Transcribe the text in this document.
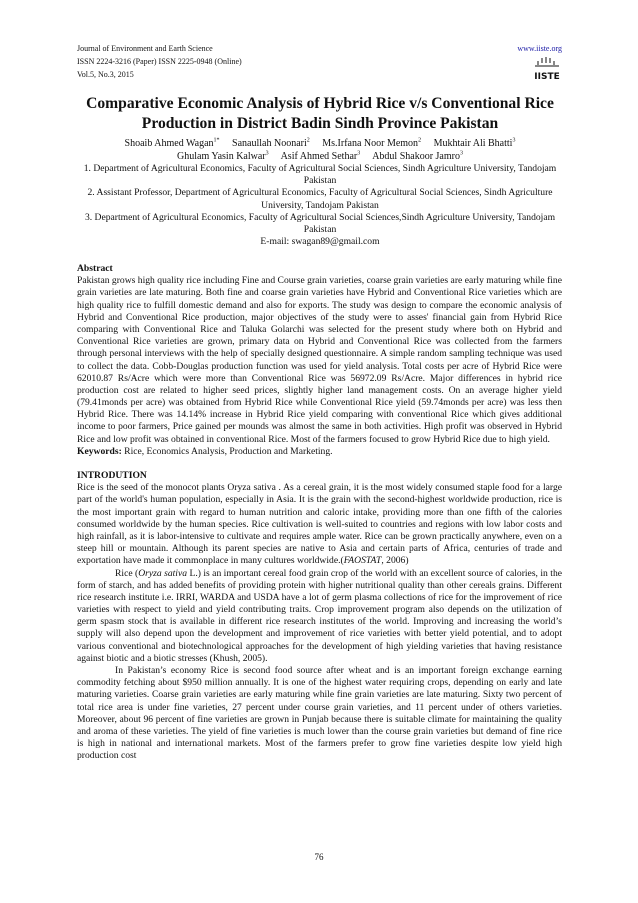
Journal of Environment and Earth Science
ISSN 2224-3216 (Paper) ISSN 2225-0948 (Online)
Vol.5, No.3, 2015
www.iiste.org
IISTE
Comparative Economic Analysis of Hybrid Rice v/s Conventional Rice Production in District Badin Sindh Province Pakistan
Shoaib Ahmed Wagan$^{1*}$ Sanaullah Noonari$^2$ Ms.Irfana Noor Memon$^2$ Mukhtair Ali Bhatti$^3$
Ghulam Yasin Kalwar$^3$ Asif Ahmed Sethar$^3$ Abdul Shakoor Jamro$^3$

1. Department of Agricultural Economics, Faculty of Agricultural Social Sciences, Sindh Agriculture University, Tandojam Pakistan

2. Assistant Professor, Department of Agricultural Economics, Faculty of Agricultural Social Sciences, Sindh Agriculture University, Tandojam Pakistan

3. Department of Agricultural Economics, Faculty of Agricultural Social Sciences,Sindh Agriculture University, Tandojam Pakistan

E-mail: swagan89@gmail.com

Abstract

Pakistan grows high quality rice including Fine and Course grain varieties, coarse grain varieties are early maturing while fine grain varieties are late maturing. Both fine and coarse grain varieties have Hybrid and Conventional Rice varieties which are high quality rice to fulfill domestic demand and also for exports. The study was design to compare the economic analysis of Hybrid and Conventional Rice production, major objectives of the study were to asses' financial gain from Hybrid Rice comparing with Conventional Rice and Taluka Golarchi was selected for the present study where both on Hybrid and Conventional Rice varieties are grown, primary data on Hybrid and Conventional Rice was collected from the farmers through personal interviews with the help of specially designed questionnaire. A simple random sampling technique was used to collect the data. Cobb-Douglas production function was used for yield analysis. Total costs per acre of Hybrid Rice were 62010.87 Rs/Acre which were more than Conventional Rice was 56972.09 Rs/Acre. Major differences in hybrid rice production cost are related to higher seed prices, slightly higher land management costs. On an average higher yield (79.41monds per acre) was obtained from Hybrid Rice while Conventional Rice yield (59.74monds per acre) was less then Hybrid Rice. There was 14.14% increase in Hybrid Rice yield comparing with conventional Rice which gives additional income to poor farmers, Price gained per mounds was almost the same in both activities. High profit was observed in Hybrid Rice and low profit was obtained in conventional Rice. Most of the farmers focused to grow Hybrid Rice due to high yield.

Keywords: Rice, Economics Analysis, Production and Marketing.

INTRODUTION

Rice is the seed of the monocot plants Oryza sativa . As a cereal grain, it is the most widely consumed staple food for a large part of the world's human population, especially in Asia. It is the grain with the second-highest worldwide production, rice is the most important grain with regard to human nutrition and caloric intake, providing more than one fifth of the calories consumed worldwide by the human species. Rice cultivation is well-suited to countries and regions with low labor costs and high rainfall, as it is labor-intensive to cultivate and requires ample water. Rice can be grown practically anywhere, even on a steep hill or mountain. Although its parent species are native to Asia and certain parts of Africa, centuries of trade and exportation have made it commonplace in many cultures worldwide.(FAOSTAT, 2006)

Rice (Oryza sativa L.) is an important cereal food grain crop of the world with an excellent source of calories, in the form of starch, and has added benefits of providing protein with higher nutritional quality than other cereals grains. Different rice research institute i.e. IRRI, WARDA and USDA have a lot of germ plasma collections of rice for the improvement of rice varieties with respect to yield and yield contributing traits. Crop improvement program also depends on the utilization of germ spasm stock that is available in different rice research institutes of the world. Improving and increasing the world’s supply will also depend upon the development and improvement of rice varieties with better yield potential, and to adopt various conventional and biotechnological approaches for the development of high yielding varieties that having resistance against biotic and a biotic stresses (Khush, 2005).

In Pakistan’s economy Rice is second food source after wheat and is an important foreign exchange earning commodity fetching about $950 million annually. It is one of the highest water requiring crops, depending on early and late maturing varieties. Coarse grain varieties are early maturing while fine grain varieties are late maturing. Sixty two percent of total rice area is under fine varieties, 27 percent under course grain varieties, and 11 percent under of others varieties. Moreover, about 96 percent of fine varieties are grown in Punjab because there is suitable climate for maintaining the quality and aroma of these varieties. The yield of fine varieties is much lower than the course grain varieties but demand of fine rice is high in national and international markets. Most of the farmers prefer to grow fine varieties despite low yield high production cost

76
